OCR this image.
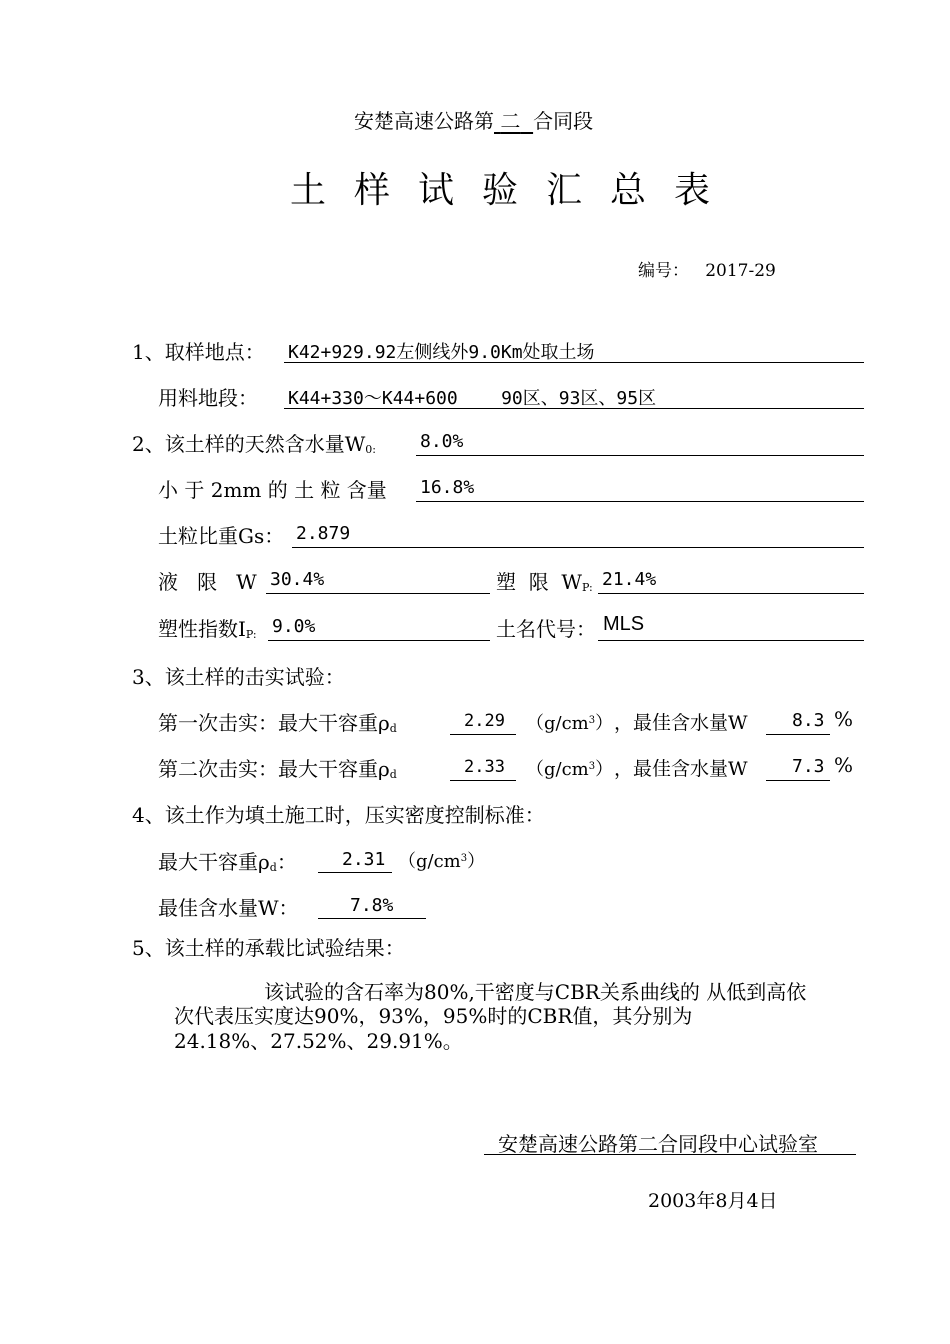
安楚高速公路第 二 合同段
土样试验汇总表
编号： 2017-29
1、取样地点： K42+929.92左侧线外9.0Km处取土场
用料地段： K44+330～K44+600    90区、93区、95区
2、该土样的天然含水量$W_{0:}$ 8.0%
小 于 2mm 的 土 粒 含量 16.8%
土粒比重Gs： 2.879
液   限   W 30.4%	塑  限  $W_{P:}$ 21.4%
塑性指数$I_{P:}$ 9.0%	土名代号： MLS
3、该土样的击实试验：
第一次击实：最大干容重$\rho_d$	2.29 $(g/cm^3)$ ，最佳含水量W 8.3 %
第二次击实：最大干容重$\rho_d$	2.33 $(g/cm^3)$ ，最佳含水量W 7.3 %
4、该土作为填土施工时，压实密度控制标准：
最大干容重$\rho_d$：	2.31 $(g/cm^3)$
最佳含水量W：	7.8%
5、该土样的承载比试验结果：
该试验的含石率为80%,干密度与CBR关系曲线的 从低到高依
次代表压实度达90%，93%，95%时的CBR值，其分别为
24.18%、27.52%、29.91%。
安楚高速公路第二合同段中心试验室
2003年8月4日
